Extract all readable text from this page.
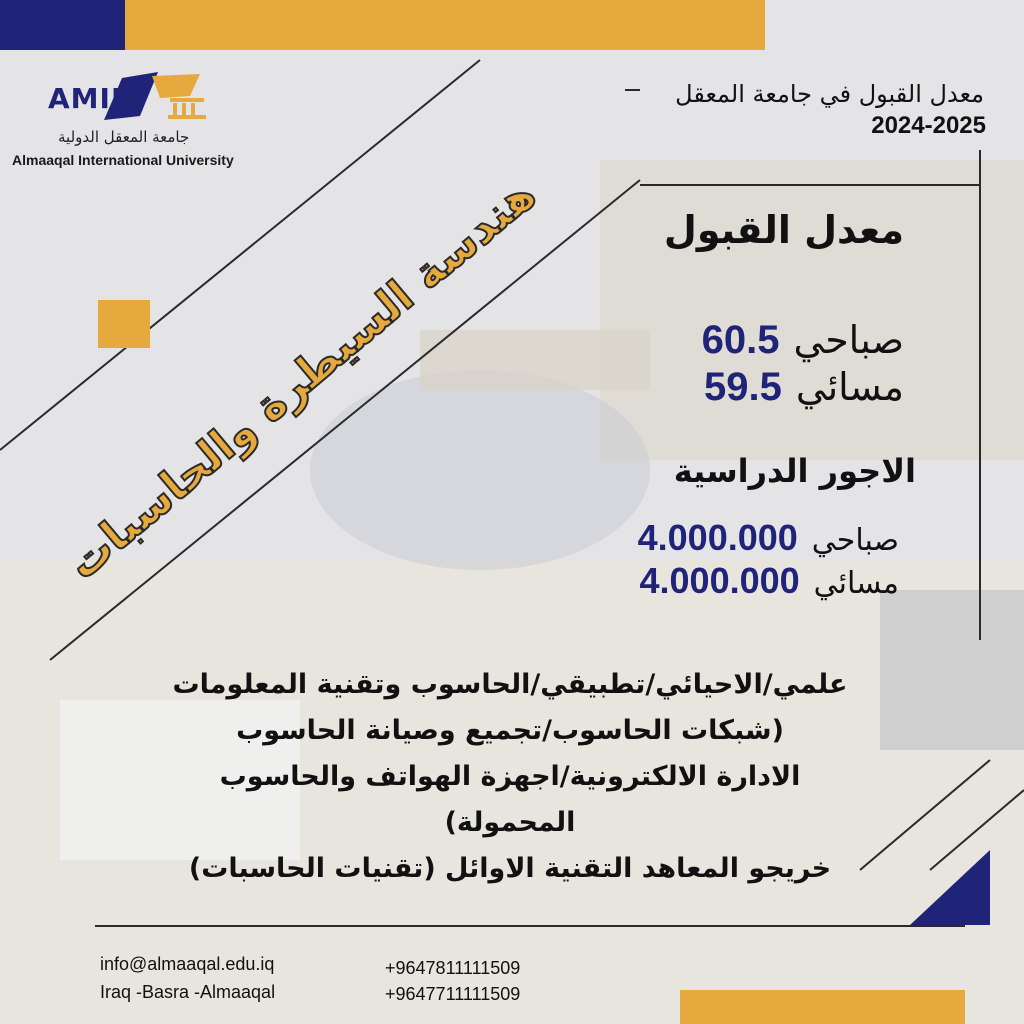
AMIU
جامعة المعقل الدولية
Almaaqal International University
معدل القبول في جامعة المعقل
2024-2025
هندسة السيطرة والحاسبات	معدل القبول
صباحي
60.5
مسائي
59.5
الاجور الدراسية
صباحي
4.000.000
مسائي
4.000.000
علمي/الاحيائي/تطبيقي/الحاسوب وتقنية المعلومات
(شبكات الحاسوب/تجميع وصيانة الحاسوب
الادارة الالكترونية/اجهزة الهواتف والحاسوب المحمولة)
خريجو المعاهد التقنية الاوائل (تقنيات الحاسبات)
info@almaaqal.edu.iq
Iraq -Basra -Almaaqal
+9647811111509
+9647711111509
